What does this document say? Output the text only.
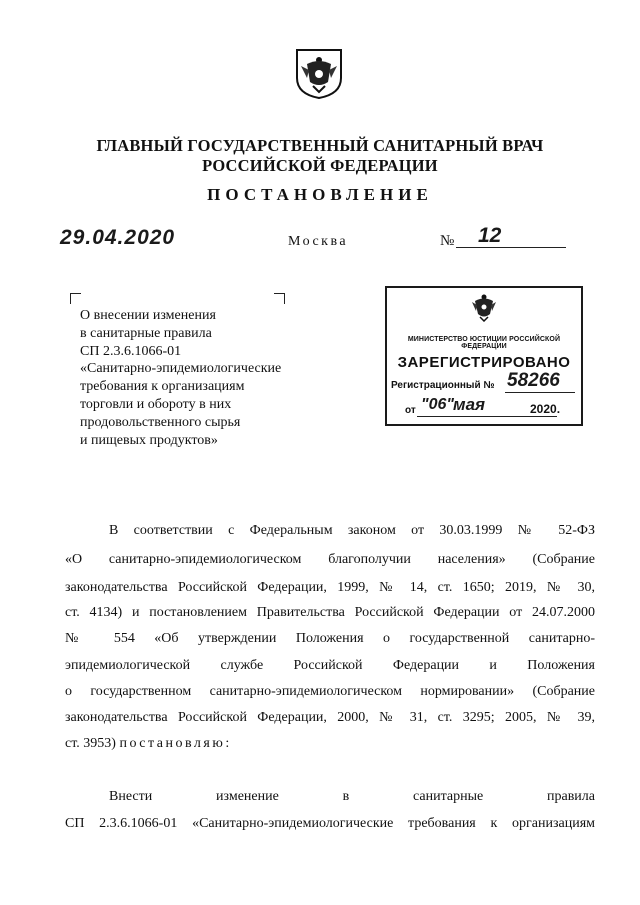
ГЛАВНЫЙ ГОСУДАРСТВЕННЫЙ САНИТАРНЫЙ ВРАЧ
РОССИЙСКОЙ ФЕДЕРАЦИИ
ПОСТАНОВЛЕНИЕ
29.04.2020	Москва	№ 12
О внесении изменения
в санитарные правила
СП 2.3.6.1066-01
«Санитарно-эпидемиологические
требования к организациям
торговли и обороту в них
продовольственного сырья
и пищевых продуктов»
МИНИСТЕРСТВО ЮСТИЦИИ РОССИЙСКОЙ ФЕДЕРАЦИИ
ЗАРЕГИСТРИРОВАНО
Регистрационный № 58266
от "06" мая	2020.
В соответствии с Федеральным законом от 30.03.1999 № 52-ФЗ
«О санитарно-эпидемиологическом благополучии населения» (Собрание
законодательства Российской Федерации, 1999, № 14, ст. 1650; 2019, № 30,
ст. 4134) и постановлением Правительства Российской Федерации от 24.07.2000
№ 554 «Об утверждении Положения о государственной санитарно-
эпидемиологической службе Российской Федерации и Положения
о государственном санитарно-эпидемиологическом нормировании» (Собрание
законодательства Российской Федерации, 2000, № 31, ст. 3295; 2005, № 39,
ст. 3953) постановляю:
Внести изменение в санитарные правила
СП 2.3.6.1066-01 «Санитарно-эпидемиологические требования к организациям
